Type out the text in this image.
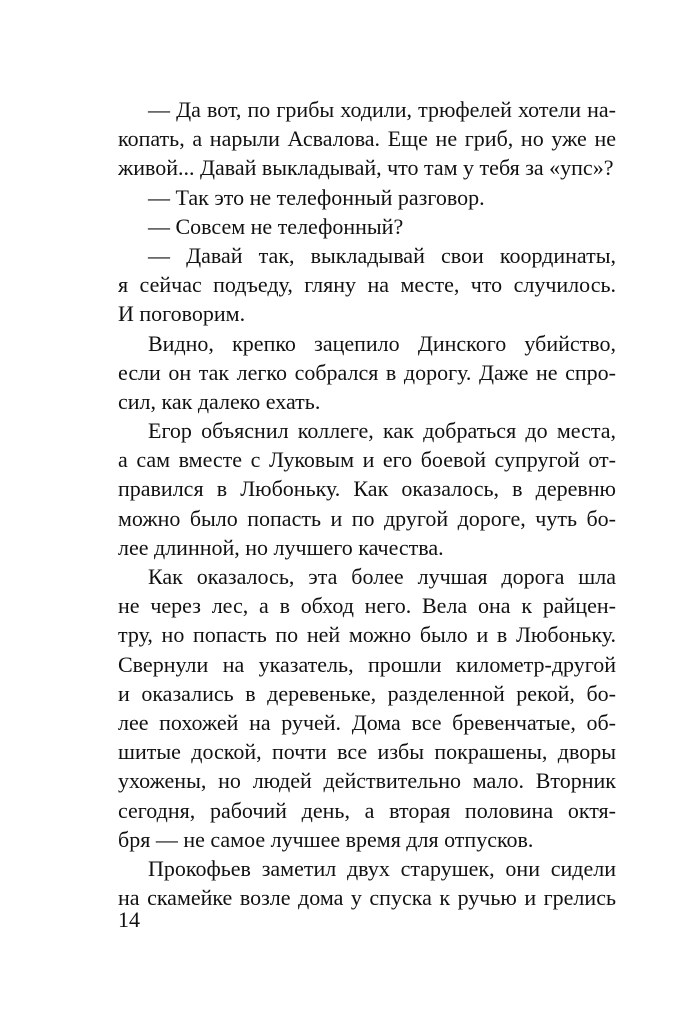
— Да вот, по грибы ходили, трюфелей хотели на-
копать, а нарыли Асвалова. Еще не гриб, но уже не
живой... Давай выкладывай, что там у тебя за «упс»?
— Так это не телефонный разговор.
— Совсем не телефонный?
— Давай так, выкладывай свои координаты,
я сейчас подъеду, гляну на месте, что случилось.
И поговорим.
Видно, крепко зацепило Динского убийство,
если он так легко собрался в дорогу. Даже не спро-
сил, как далеко ехать.
Егор объяснил коллеге, как добраться до места,
а сам вместе с Луковым и его боевой супругой от-
правился в Любоньку. Как оказалось, в деревню
можно было попасть и по другой дороге, чуть бо-
лее длинной, но лучшего качества.
Как оказалось, эта более лучшая дорога шла
не через лес, а в обход него. Вела она к райцен-
тру, но попасть по ней можно было и в Любоньку.
Свернули на указатель, прошли километр-другой
и оказались в деревеньке, разделенной рекой, бо-
лее похожей на ручей. Дома все бревенчатые, об-
шитые доской, почти все избы покрашены, дворы
ухожены, но людей действительно мало. Вторник
сегодня, рабочий день, а вторая половина октя-
бря — не самое лучшее время для отпусков.
Прокофьев заметил двух старушек, они сидели
на скамейке возле дома у спуска к ручью и грелись
14
